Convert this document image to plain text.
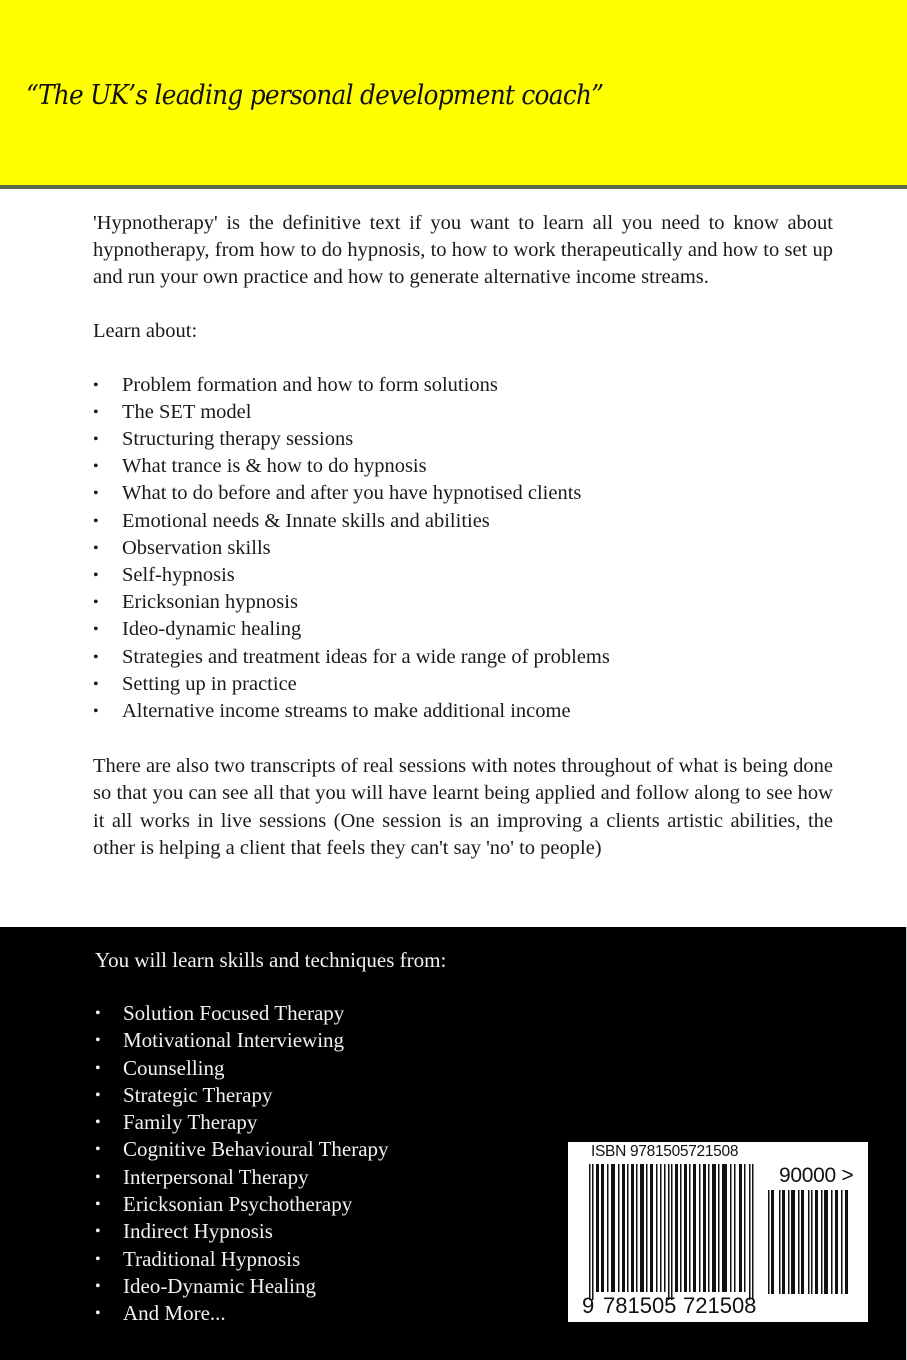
“The UK’s leading personal development coach”

'Hypnotherapy' is the definitive text if you want to learn all you need to know about hypnotherapy, from how to do hypnosis, to how to work therapeutically and how to set up and run your own practice and how to generate alternative income streams.

Learn about:
• Problem formation and how to form solutions
• The SET model
• Structuring therapy sessions
• What trance is & how to do hypnosis
• What to do before and after you have hypnotised clients
• Emotional needs & Innate skills and abilities
• Observation skills
• Self-hypnosis
• Ericksonian hypnosis
• Ideo-dynamic healing
• Strategies and treatment ideas for a wide range of problems
• Setting up in practice
• Alternative income streams to make additional income

There are also two transcripts of real sessions with notes throughout of what is being done so that you can see all that you will have learnt being applied and follow along to see how it all works in live sessions (One session is an improving a clients artistic abilities, the other is helping a client that feels they can't say 'no' to people)

You will learn skills and techniques from:
• Solution Focused Therapy
• Motivational Interviewing
• Counselling
• Strategic Therapy
• Family Therapy
• Cognitive Behavioural Therapy
• Interpersonal Therapy
• Ericksonian Psychotherapy
• Indirect Hypnosis
• Traditional Hypnosis
• Ideo-Dynamic Healing
• And More...
ISBN 9781505721508
90000 >
9 781505 721508
